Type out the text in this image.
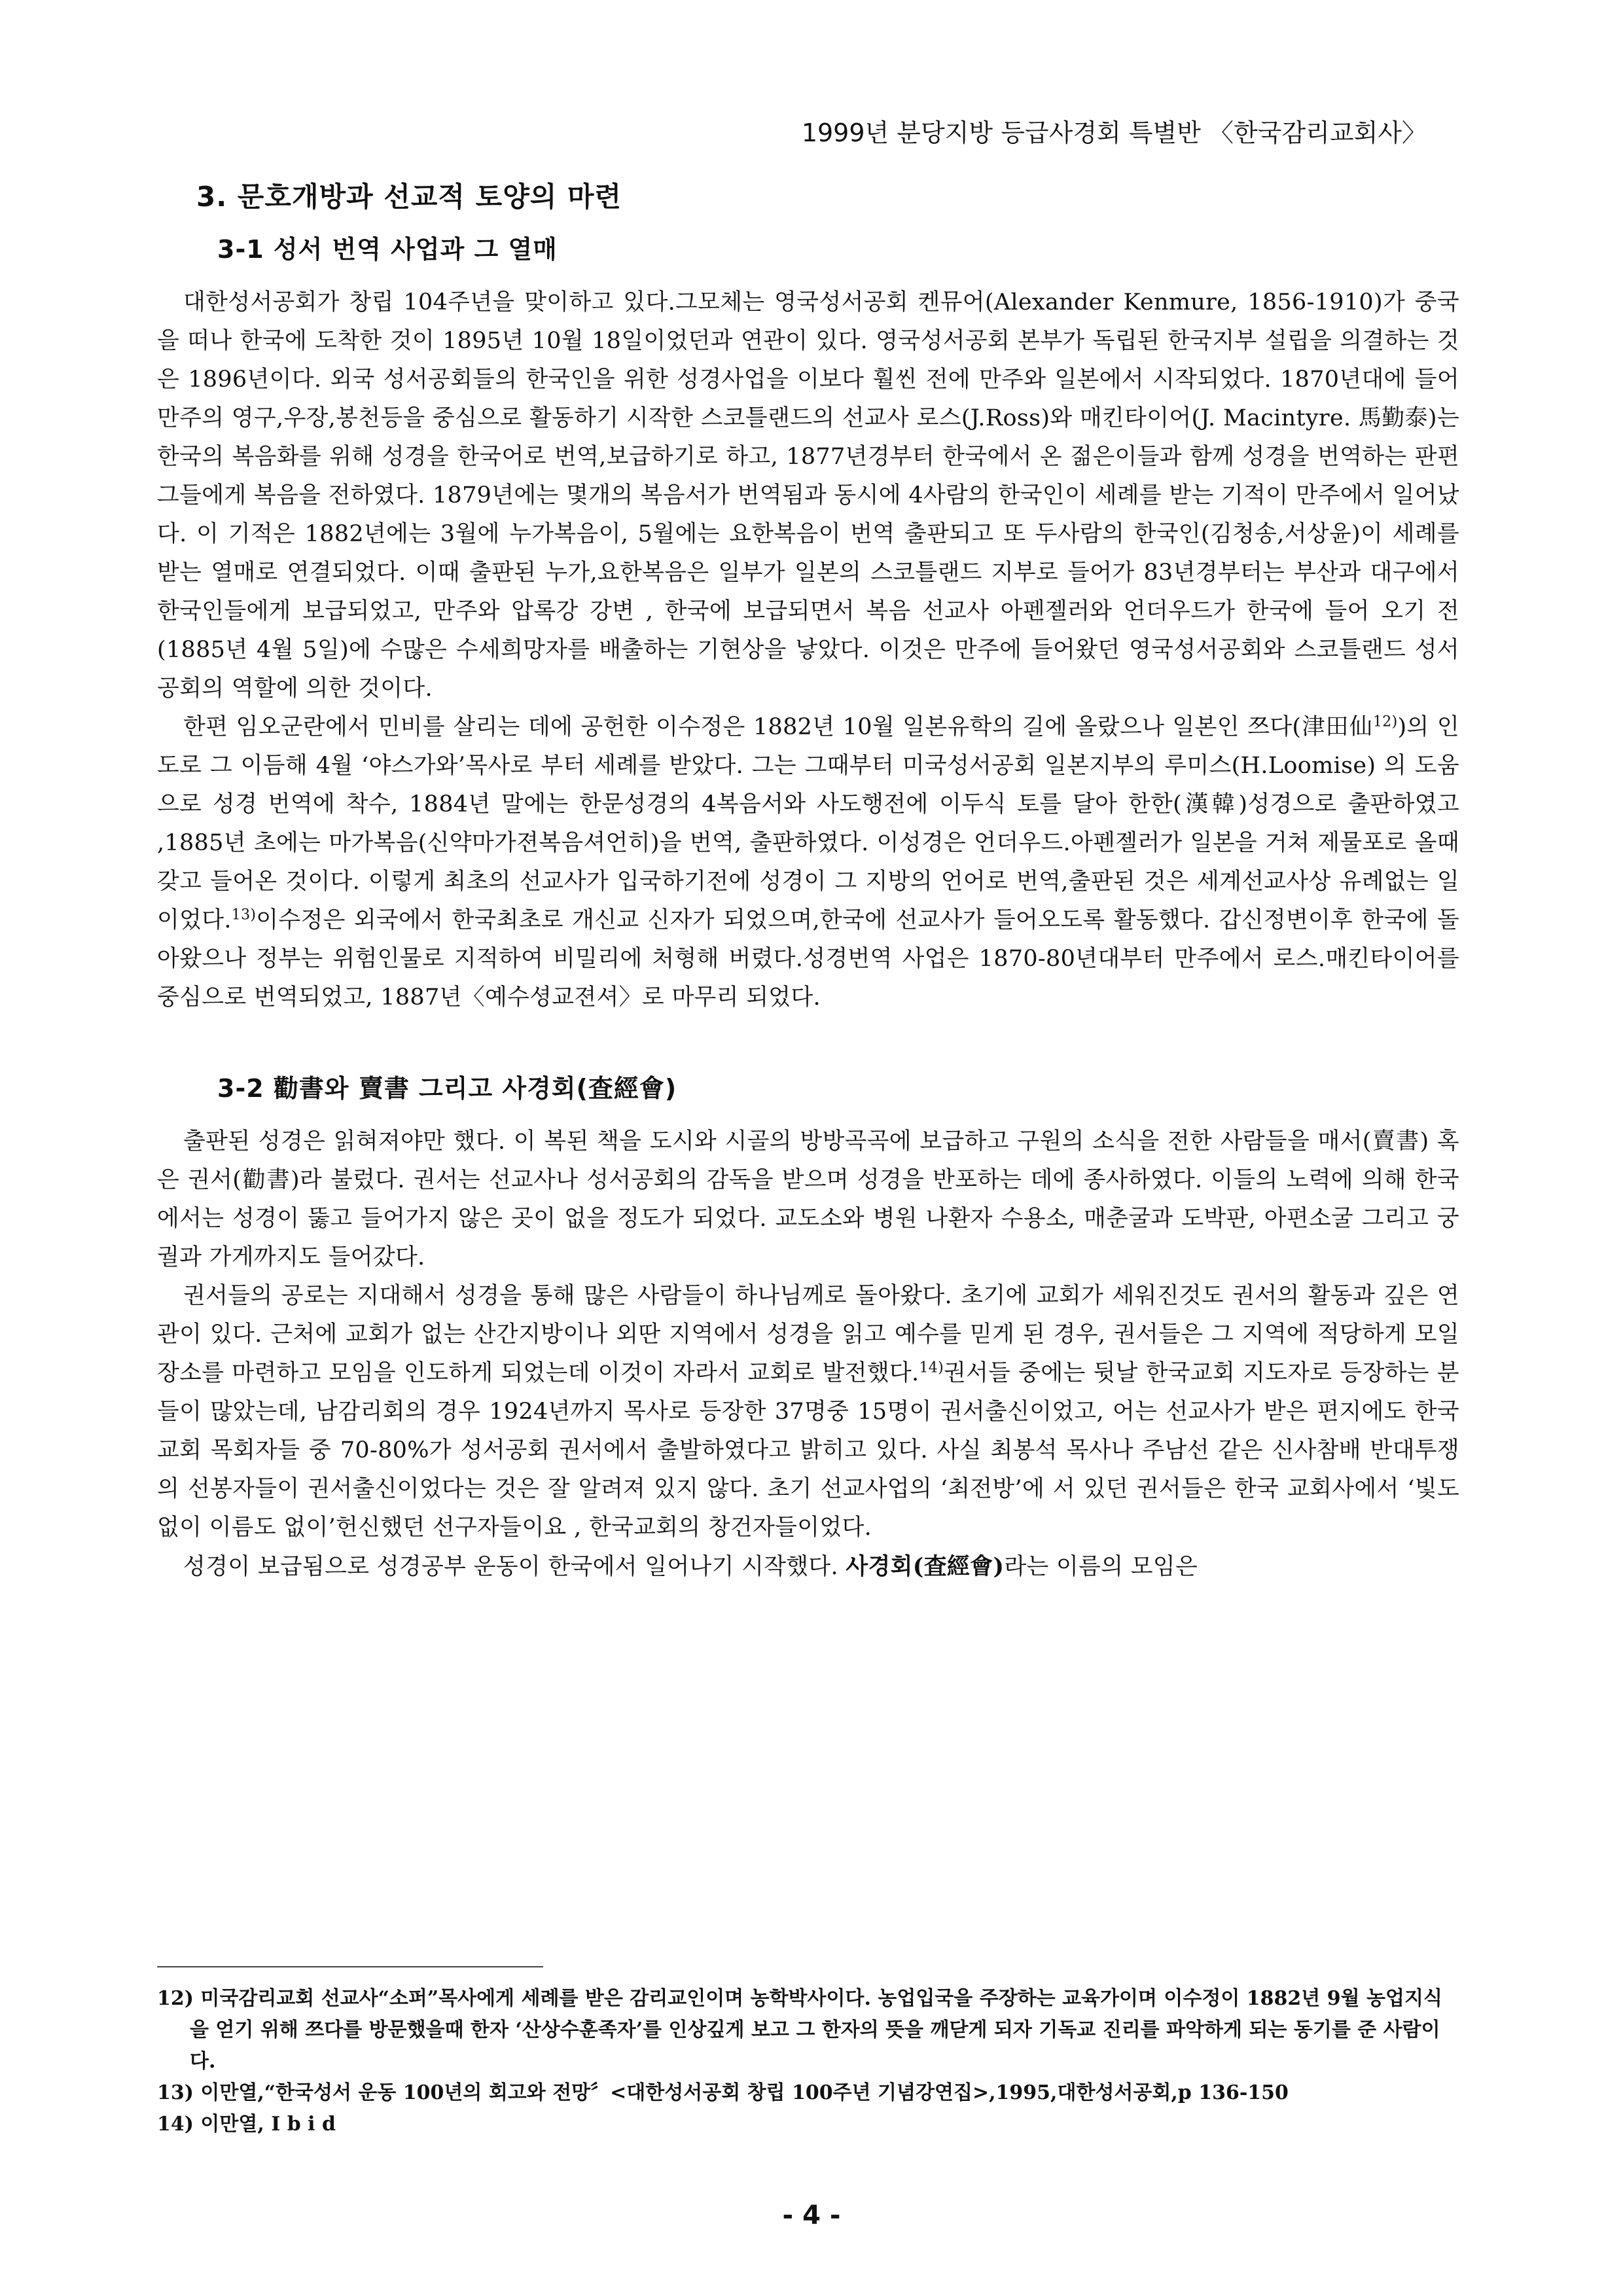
1999년 분당지방 등급사경회 특별반 〈한국감리교회사〉
3. 문호개방과 선교적 토양의 마련
3-1 성서 번역 사업과 그 열매

대한성서공회가 창립 104주년을 맞이하고 있다.그모체는 영국성서공회 켄뮤어(Alexander Kenmure, 1856-1910)가 중국을 떠나 한국에 도착한 것이 1895년 10월 18일이었던과 연관이 있다. 영국성서공회 본부가 독립된 한국지부 설립을 의결하는 것은 1896년이다. 외국 성서공회들의 한국인을 위한 성경사업을 이보다 훨씬 전에 만주와 일본에서 시작되었다. 1870년대에 들어 만주의 영구,우장,봉천등을 중심으로 활동하기 시작한 스코틀랜드의 선교사 로스(J.Ross)와 매킨타이어(J. Macintyre. 馬勤泰)는 한국의 복음화를 위해 성경을 한국어로 번역,보급하기로 하고, 1877년경부터 한국에서 온 젊은이들과 함께 성경을 번역하는 판편 그들에게 복음을 전하였다. 1879년에는 몇개의 복음서가 번역됨과 동시에 4사람의 한국인이 세례를 받는 기적이 만주에서 일어났다. 이 기적은 1882년에는 3월에 누가복음이, 5월에는 요한복음이 번역 출판되고 또 두사람의 한국인(김청송,서상윤)이 세례를 받는 열매로 연결되었다. 이때 출판된 누가,요한복음은 일부가 일본의 스코틀랜드 지부로 들어가 83년경부터는 부산과 대구에서 한국인들에게 보급되었고, 만주와 압록강 강변 , 한국에 보급되면서 복음 선교사 아펜젤러와 언더우드가 한국에 들어 오기 전(1885년 4월 5일)에 수많은 수세희망자를 배출하는 기현상을 낳았다. 이것은 만주에 들어왔던 영국성서공회와 스코틀랜드 성서공회의 역할에 의한 것이다.

한편 임오군란에서 민비를 살리는 데에 공헌한 이수정은 1882년 10월 일본유학의 길에 올랐으나 일본인 쯔다(津田仙$^{12)}$)의 인도로 그 이듬해 4월 ‘야스가와’목사로 부터 세례를 받았다. 그는 그때부터 미국성서공회 일본지부의 루미스(H.Loomise) 의 도움으로 성경 번역에 착수, 1884년 말에는 한문성경의 4복음서와 사도행전에 이두식 토를 달아 한한(漢韓)성경으로 출판하였고 ,1885년 초에는 마가복음(신약마가젼복음셔언히)을 번역, 출판하였다. 이성경은 언더우드.아펜젤러가 일본을 거쳐 제물포로 올때 갖고 들어온 것이다. 이렇게 최초의 선교사가 입국하기전에 성경이 그 지방의 언어로 번역,출판된 것은 세계선교사상 유례없는 일이었다.$^{13)}$이수정은 외국에서 한국최초로 개신교 신자가 되었으며,한국에 선교사가 들어오도록 활동했다. 갑신정변이후 한국에 돌아왔으나 정부는 위험인물로 지적하여 비밀리에 처형해 버렸다.성경번역 사업은 1870-80년대부터 만주에서 로스.매킨타이어를 중심으로 번역되었고, 1887년〈예수셩교젼셔〉로 마무리 되었다.

3-2 勸書와 賣書 그리고 사경회(査經會)

출판된 성경은 읽혀져야만 했다. 이 복된 책을 도시와 시골의 방방곡곡에 보급하고 구원의 소식을 전한 사람들을 매서(賣書) 혹은 권서(勸書)라 불렀다. 권서는 선교사나 성서공회의 감독을 받으며 성경을 반포하는 데에 종사하였다. 이들의 노력에 의해 한국에서는 성경이 뚫고 들어가지 않은 곳이 없을 정도가 되었다. 교도소와 병원 나환자 수용소, 매춘굴과 도박판, 아편소굴 그리고 궁궐과 가게까지도 들어갔다.

권서들의 공로는 지대해서 성경을 통해 많은 사람들이 하나님께로 돌아왔다. 초기에 교회가 세워진것도 권서의 활동과 깊은 연관이 있다. 근처에 교회가 없는 산간지방이나 외딴 지역에서 성경을 읽고 예수를 믿게 된 경우, 권서들은 그 지역에 적당하게 모일 장소를 마련하고 모임을 인도하게 되었는데 이것이 자라서 교회로 발전했다.$^{14)}$권서들 중에는 뒷날 한국교회 지도자로 등장하는 분들이 많았는데, 남감리회의 경우 1924년까지 목사로 등장한 37명중 15명이 권서출신이었고, 어는 선교사가 받은 편지에도 한국교회 목회자들 중 70-80%가 성서공회 권서에서 출발하였다고 밝히고 있다. 사실 최봉석 목사나 주남선 같은 신사참배 반대투쟁의 선봉자들이 권서출신이었다는 것은 잘 알려져 있지 않다. 초기 선교사업의 ‘최전방’에 서 있던 권서들은 한국 교회사에서 ‘빛도 없이 이름도 없이’헌신했던 선구자들이요 , 한국교회의 창건자들이었다.

성경이 보급됨으로 성경공부 운동이 한국에서 일어나기 시작했다. 사경회(査經會)라는 이름의 모임은

12) 미국감리교회 선교사“소퍼”목사에게 세례를 받은 감리교인이며 농학박사이다. 농업입국을 주장하는 교육가이며 이수정이 1882년 9월 농업지식을 얻기 위해 쯔다를 방문했을때 한자 ‘산상수훈족자’를 인상깊게 보고 그 한자의 뜻을 깨닫게 되자 기독교 진리를 파악하게 되는 동기를 준 사람이다.

13) 이만열,“한국성서 운동 100년의 회고와 전망〞<대한성서공회 창립 100주년 기념강연집>,1995,대한성서공회,p 136-150

14) 이만열, I b i d

- 4 -
